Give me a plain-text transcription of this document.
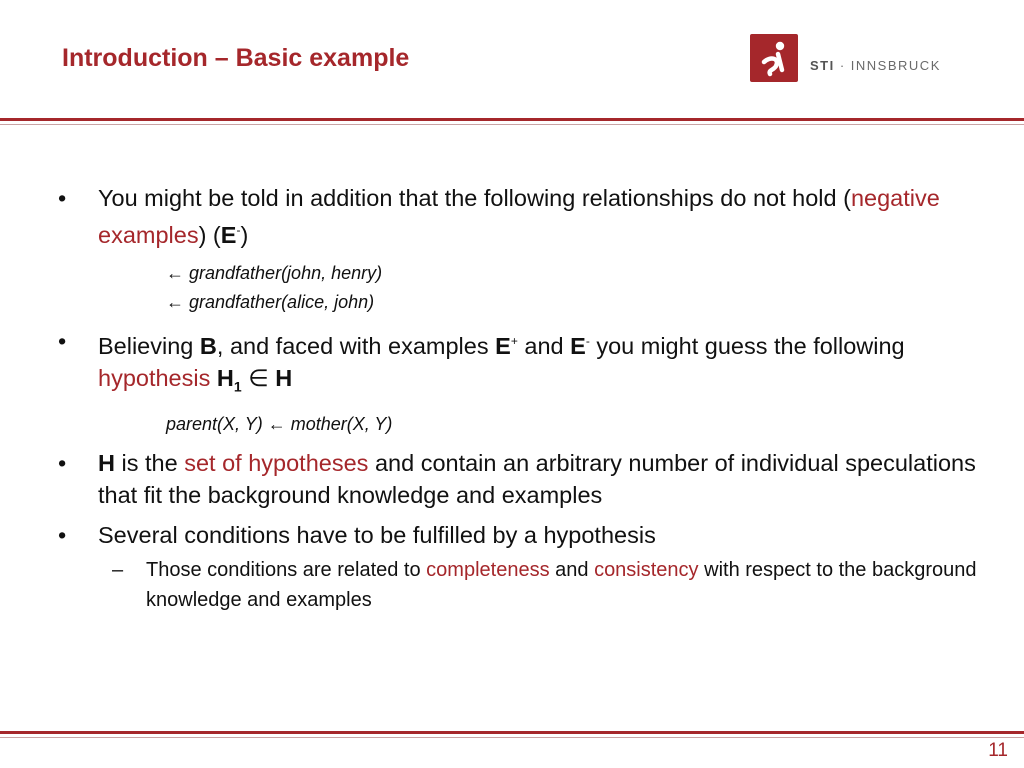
Introduction – Basic example	STI · INNSBRUCK
• You might be told in addition that the following relationships do not hold (negative examples) (E-)
← grandfather(john, henry)
← grandfather(alice, john)
• Believing B, and faced with examples E+ and E- you might guess the following hypothesis $H_1$ ∈ H
parent(X, Y) ← mother(X, Y)
• H is the set of hypotheses and contain an arbitrary number of individual speculations that fit the background knowledge and examples
• Several conditions have to be fulfilled by a hypothesis
– Those conditions are related to completeness and consistency with respect to the background knowledge and examples
11
